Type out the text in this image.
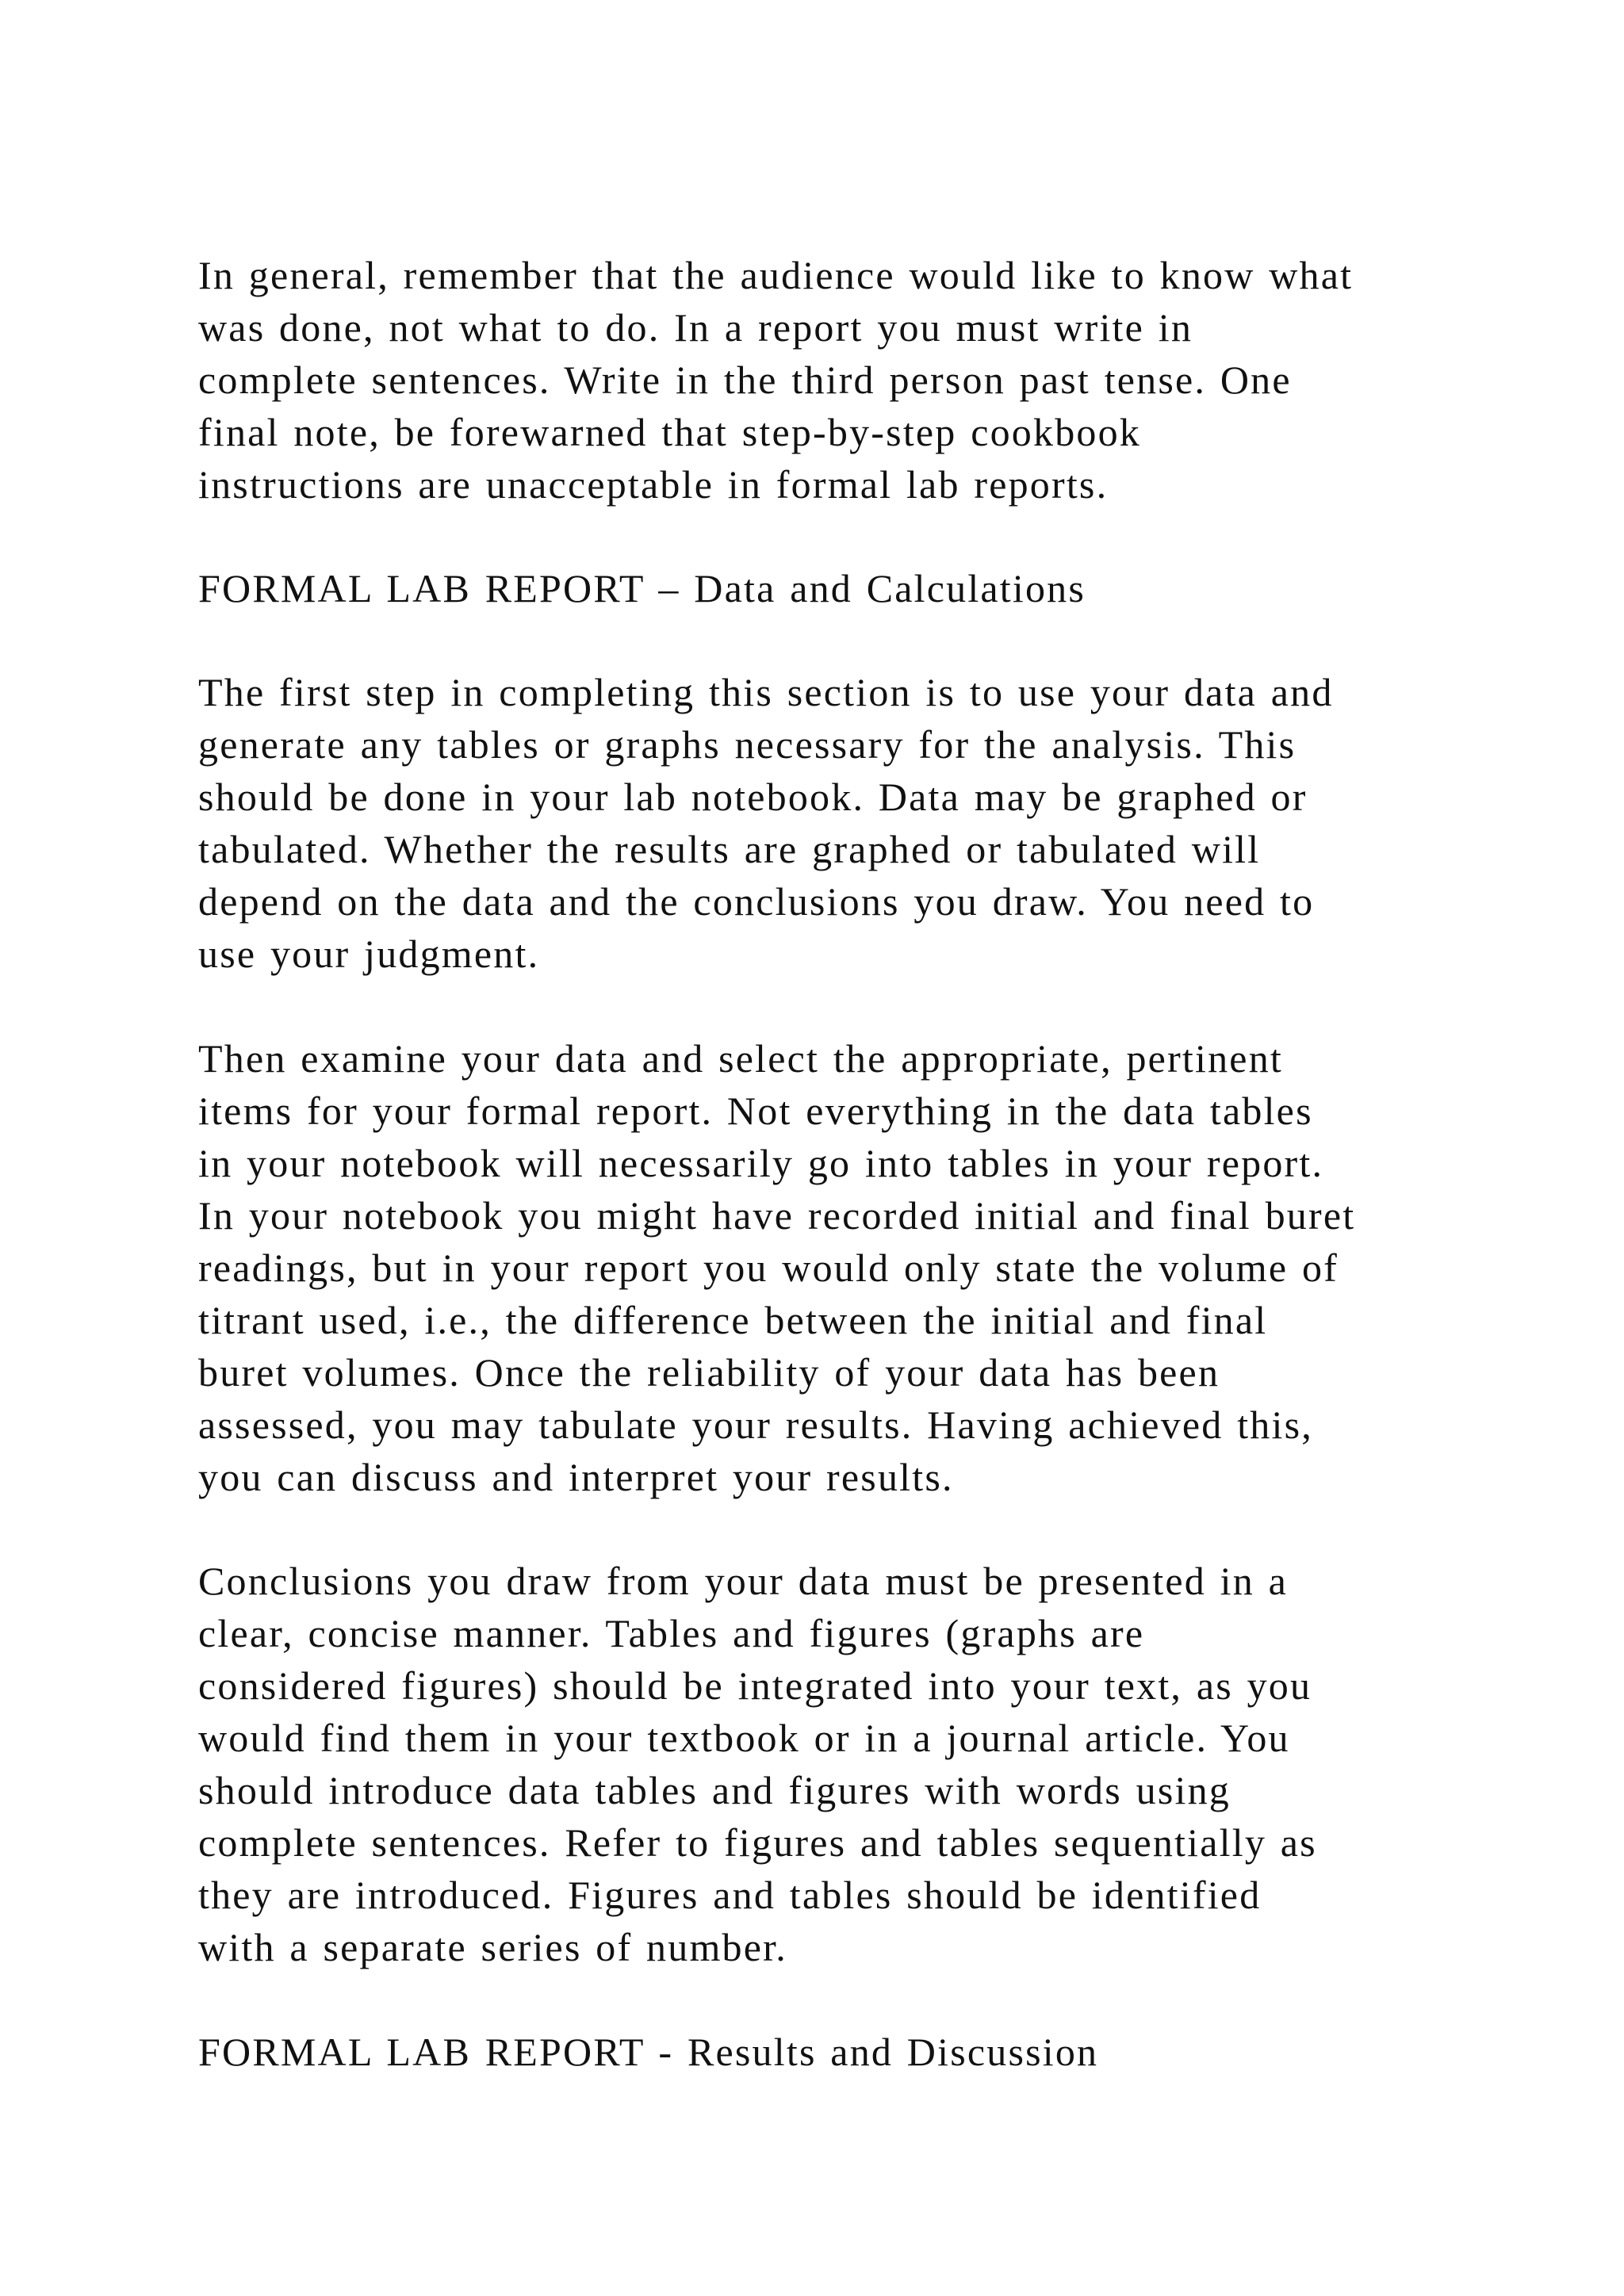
In general, remember that the audience would like to know what
was done, not what to do. In a report you must write in
complete sentences. Write in the third person past tense. One
final note, be forewarned that step-by-step cookbook
instructions are unacceptable in formal lab reports.
FORMAL LAB REPORT – Data and Calculations
The first step in completing this section is to use your data and
generate any tables or graphs necessary for the analysis. This
should be done in your lab notebook. Data may be graphed or
tabulated. Whether the results are graphed or tabulated will
depend on the data and the conclusions you draw. You need to
use your judgment.
Then examine your data and select the appropriate, pertinent
items for your formal report. Not everything in the data tables
in your notebook will necessarily go into tables in your report.
In your notebook you might have recorded initial and final buret
readings, but in your report you would only state the volume of
titrant used, i.e., the difference between the initial and final
buret volumes. Once the reliability of your data has been
assessed, you may tabulate your results. Having achieved this,
you can discuss and interpret your results.
Conclusions you draw from your data must be presented in a
clear, concise manner. Tables and figures (graphs are
considered figures) should be integrated into your text, as you
would find them in your textbook or in a journal article. You
should introduce data tables and figures with words using
complete sentences. Refer to figures and tables sequentially as
they are introduced. Figures and tables should be identified
with a separate series of number.
FORMAL LAB REPORT - Results and Discussion
